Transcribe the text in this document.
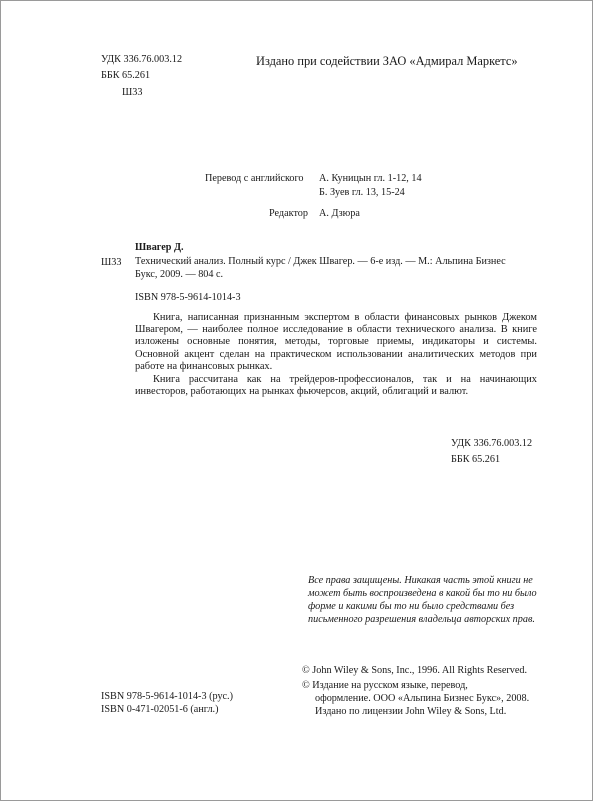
УДК 336.76.003.12
ББК 65.261
Ш33
Издано при содействии ЗАО «Адмирал Маркетс»
Перевод с английского А. Куницын гл. 1-12, 14
Б. Зуев гл. 13, 15-24
Редактор А. Дзюра
Ш33
Швагер Д.
Технический анализ. Полный курс / Джек Швагер. — 6-е изд. — М.: Альпина Бизнес
Букс, 2009. — 804 с.
ISBN 978-5-9614-1014-3
Книга, написанная признанным экспертом в области финансовых рынков Джеком Швагером, — наиболее полное исследование в области технического анализа. В книге изложены основные понятия, методы, торговые приемы, индикаторы и системы. Основной акцент сделан на практическом использовании аналитических методов при работе на финансовых рынках.
Книга рассчитана как на трейдеров-профессионалов, так и на начинающих инвесторов, работающих на рынках фьючерсов, акций, облигаций и валют.
УДК 336.76.003.12
ББК 65.261
Все права защищены. Никакая часть этой книги не может быть воспроизведена в какой бы то ни было форме и какими бы то ни было средствами без письменного разрешения владельца авторских прав.
ISBN 978-5-9614-1014-3 (рус.)
ISBN 0-471-02051-6 (англ.)
© John Wiley & Sons, Inc., 1996. All Rights Reserved.
© Издание на русском языке, перевод,
оформление. ООО «Альпина Бизнес Букс», 2008.
Издано по лицензии John Wiley & Sons, Ltd.
